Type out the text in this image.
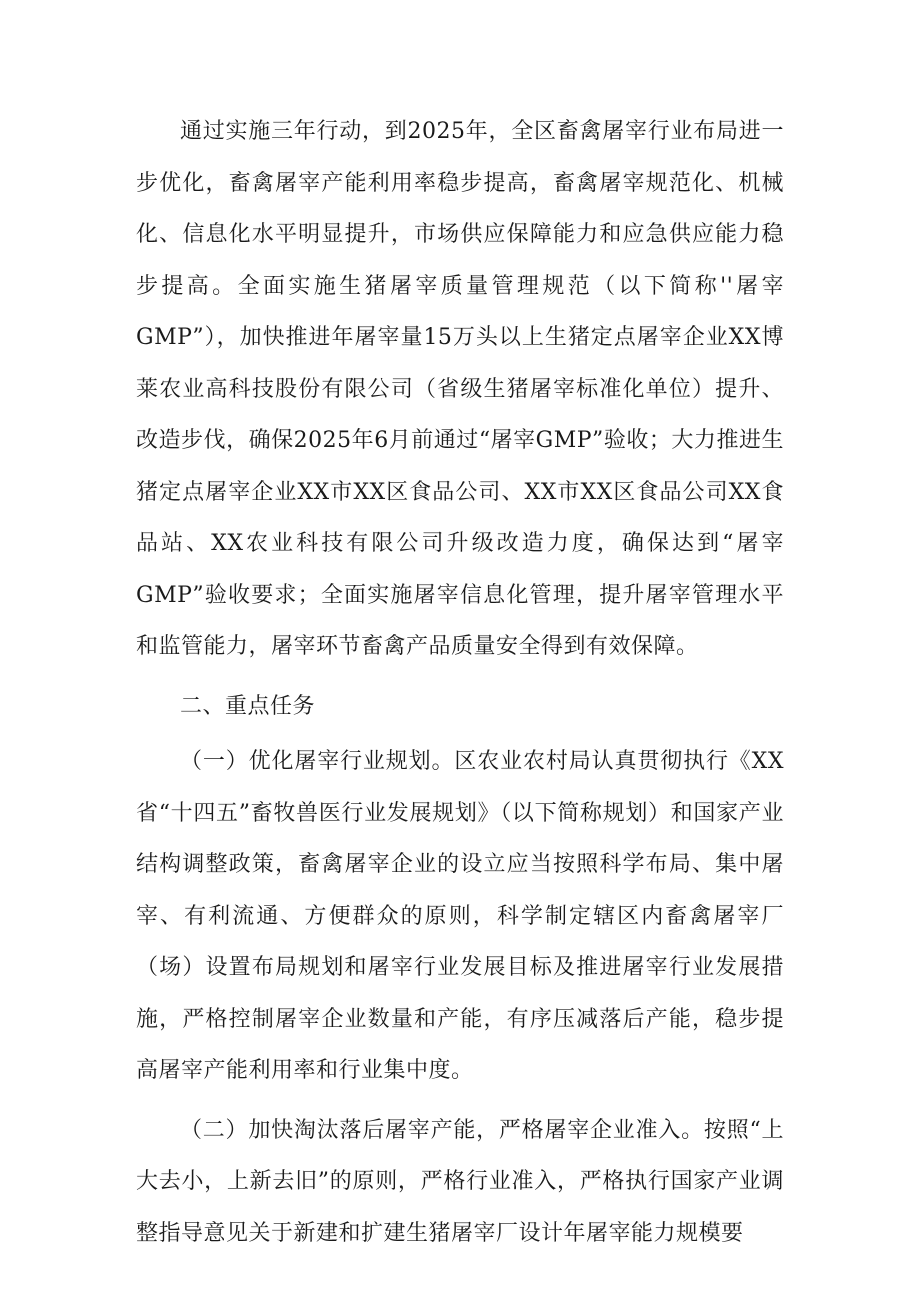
通过实施三年行动，到2025年，全区畜禽屠宰行业布局进一步优化，畜禽屠宰产能利用率稳步提高，畜禽屠宰规范化、机械化、信息化水平明显提升，市场供应保障能力和应急供应能力稳步提高。全面实施生猪屠宰质量管理规范（以下简称''屠宰GMP”），加快推进年屠宰量15万头以上生猪定点屠宰企业XX博莱农业高科技股份有限公司（省级生猪屠宰标准化单位）提升、改造步伐，确保2025年6月前通过“屠宰GMP”验收；大力推进生猪定点屠宰企业XX市XX区食品公司、XX市XX区食品公司XX食品站、XX农业科技有限公司升级改造力度，确保达到“屠宰GMP”验收要求；全面实施屠宰信息化管理，提升屠宰管理水平和监管能力，屠宰环节畜禽产品质量安全得到有效保障。

二、重点任务

（一）优化屠宰行业规划。区农业农村局认真贯彻执行《XX省“十四五”畜牧兽医行业发展规划》（以下简称规划）和国家产业结构调整政策，畜禽屠宰企业的设立应当按照科学布局、集中屠宰、有利流通、方便群众的原则，科学制定辖区内畜禽屠宰厂（场）设置布局规划和屠宰行业发展目标及推进屠宰行业发展措施，严格控制屠宰企业数量和产能，有序压减落后产能，稳步提高屠宰产能利用率和行业集中度。

（二）加快淘汰落后屠宰产能，严格屠宰企业准入。按照“上大去小，上新去旧”的原则，严格行业准入，严格执行国家产业调整指导意见关于新建和扩建生猪屠宰厂设计年屠宰能力规模要
